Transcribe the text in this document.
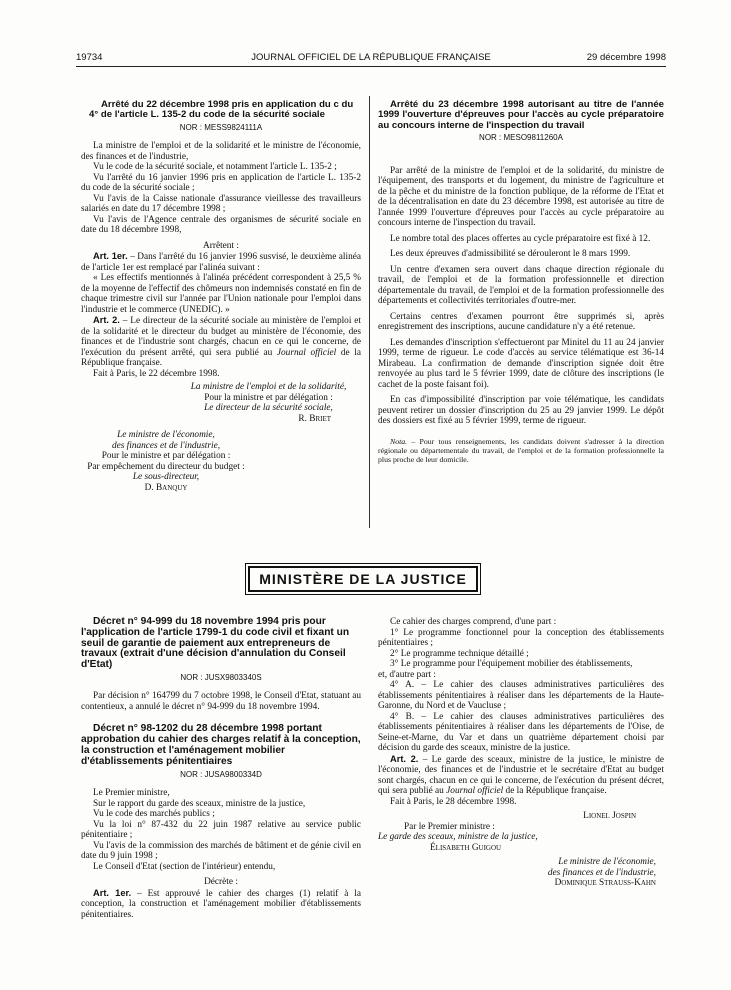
19734	JOURNAL OFFICIEL DE LA RÉPUBLIQUE FRANÇAISE	29 décembre 1998

Arrêté du 22 décembre 1998 pris en application du c du 4° de l'article L. 135-2 du code de la sécurité sociale

NOR : MESS9824111A

La ministre de l'emploi et de la solidarité et le ministre de l'économie, des finances et de l'industrie,

Vu le code de la sécurité sociale, et notamment l'article L. 135-2 ;

Vu l'arrêté du 16 janvier 1996 pris en application de l'article L. 135-2 du code de la sécurité sociale ;

Vu l'avis de la Caisse nationale d'assurance vieillesse des travailleurs salariés en date du 17 décembre 1998 ;

Vu l'avis de l'Agence centrale des organismes de sécurité sociale en date du 18 décembre 1998,

Arrêtent :

Art. 1er. – Dans l'arrêté du 16 janvier 1996 susvisé, le deuxième alinéa de l'article 1er est remplacé par l'alinéa suivant :

« Les effectifs mentionnés à l'alinéa précédent correspondent à 25,5 % de la moyenne de l'effectif des chômeurs non indemnisés constaté en fin de chaque trimestre civil sur l'année par l'Union nationale pour l'emploi dans l'industrie et le commerce (UNEDIC). »

Art. 2. – Le directeur de la sécurité sociale au ministère de l'emploi et de la solidarité et le directeur du budget au ministère de l'économie, des finances et de l'industrie sont chargés, chacun en ce qui le concerne, de l'exécution du présent arrêté, qui sera publié au Journal officiel de la République française.

Fait à Paris, le 22 décembre 1998.

La ministre de l'emploi et de la solidarité,
Pour la ministre et par délégation :
Le directeur de la sécurité sociale,
R. Briet
Le ministre de l'économie,
des finances et de l'industrie,
Pour le ministre et par délégation :
Par empêchement du directeur du budget :
Le sous-directeur,
D. Banquy

Arrêté du 23 décembre 1998 autorisant au titre de l'année 1999 l'ouverture d'épreuves pour l'accès au cycle préparatoire au concours interne de l'inspection du travail

NOR : MESO9811260A

Par arrêté de la ministre de l'emploi et de la solidarité, du ministre de l'équipement, des transports et du logement, du ministre de l'agriculture et de la pêche et du ministre de la fonction publique, de la réforme de l'Etat et de la décentralisation en date du 23 décembre 1998, est autorisée au titre de l'année 1999 l'ouverture d'épreuves pour l'accès au cycle préparatoire au concours interne de l'inspection du travail.

Le nombre total des places offertes au cycle préparatoire est fixé à 12.

Les deux épreuves d'admissibilité se dérouleront le 8 mars 1999.

Un centre d'examen sera ouvert dans chaque direction régionale du travail, de l'emploi et de la formation professionnelle et direction départementale du travail, de l'emploi et de la formation professionnelle des départements et collectivités territoriales d'outre-mer.

Certains centres d'examen pourront être supprimés si, après enregistrement des inscriptions, aucune candidature n'y a été retenue.

Les demandes d'inscription s'effectueront par Minitel du 11 au 24 janvier 1999, terme de rigueur. Le code d'accès au service télématique est 36-14 Mirabeau. La confirmation de demande d'inscription signée doit être renvoyée au plus tard le 5 février 1999, date de clôture des inscriptions (le cachet de la poste faisant foi).

En cas d'impossibilité d'inscription par voie télématique, les candidats peuvent retirer un dossier d'inscription du 25 au 29 janvier 1999. Le dépôt des dossiers est fixé au 5 février 1999, terme de rigueur.

Nota. – Pour tous renseignements, les candidats doivent s'adresser à la direction régionale ou départementale du travail, de l'emploi et de la formation professionnelle la plus proche de leur domicile.

MINISTÈRE DE LA JUSTICE

Décret n° 94-999 du 18 novembre 1994 pris pour l'application de l'article 1799-1 du code civil et fixant un seuil de garantie de paiement aux entrepreneurs de travaux (extrait d'une décision d'annulation du Conseil d'Etat)

NOR : JUSX9803340S

Par décision n° 164799 du 7 octobre 1998, le Conseil d'Etat, statuant au contentieux, a annulé le décret n° 94-999 du 18 novembre 1994.

Décret n° 98-1202 du 28 décembre 1998 portant approbation du cahier des charges relatif à la conception, la construction et l'aménagement mobilier d'établissements pénitentiaires

NOR : JUSA9800334D

Le Premier ministre,

Sur le rapport du garde des sceaux, ministre de la justice,

Vu le code des marchés publics ;

Vu la loi n° 87-432 du 22 juin 1987 relative au service public pénitentiaire ;

Vu l'avis de la commission des marchés de bâtiment et de génie civil en date du 9 juin 1998 ;

Le Conseil d'Etat (section de l'intérieur) entendu,

Décrète :

Art. 1er. – Est approuvé le cahier des charges (1) relatif à la conception, la construction et l'aménagement mobilier d'établissements pénitentiaires.

Ce cahier des charges comprend, d'une part :

1° Le programme fonctionnel pour la conception des établissements pénitentiaires ;

2° Le programme technique détaillé ;

3° Le programme pour l'équipement mobilier des établissements,

et, d'autre part :

4° A. – Le cahier des clauses administratives particulières des établissements pénitentiaires à réaliser dans les départements de la Haute-Garonne, du Nord et de Vaucluse ;

4° B. – Le cahier des clauses administratives particulières des établissements pénitentiaires à réaliser dans les départements de l'Oise, de Seine-et-Marne, du Var et dans un quatrième département choisi par décision du garde des sceaux, ministre de la justice.

Art. 2. – Le garde des sceaux, ministre de la justice, le ministre de l'économie, des finances et de l'industrie et le secrétaire d'Etat au budget sont chargés, chacun en ce qui le concerne, de l'exécution du présent décret, qui sera publié au Journal officiel de la République française.

Fait à Paris, le 28 décembre 1998.

Lionel Jospin
Par le Premier ministre :
Le garde des sceaux, ministre de la justice,
Élisabeth Guigou
Le ministre de l'économie,
des finances et de l'industrie,
Dominique Strauss-Kahn
